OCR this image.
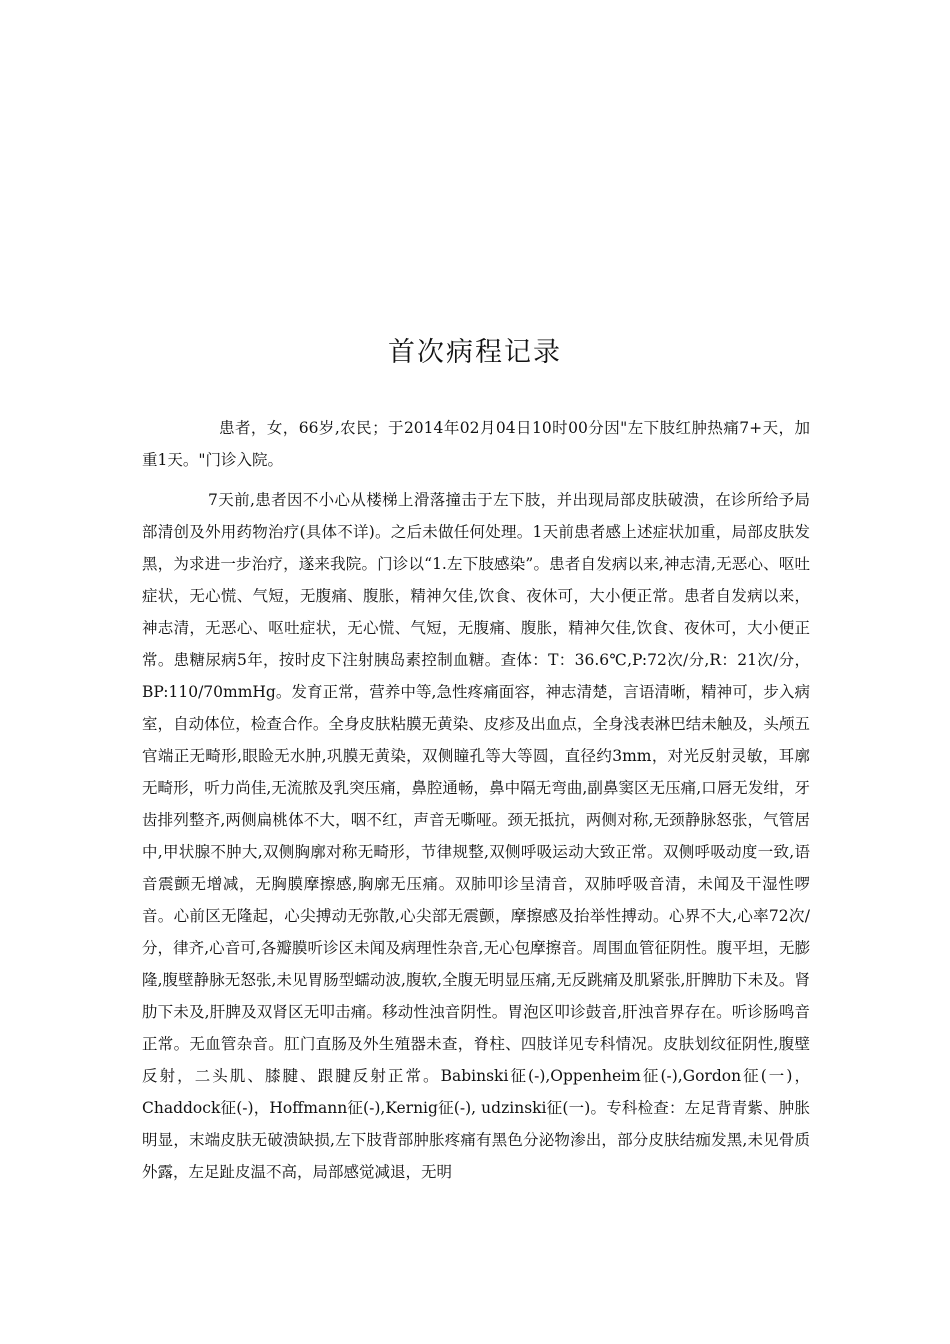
首次病程记录

患者，女，66岁,农民；于2014年02月04日10时00分因"左下肢红肿热痛7+天，加重1天。"门诊入院。

7天前,患者因不小心从楼梯上滑落撞击于左下肢，并出现局部皮肤破溃，在诊所给予局部清创及外用药物治疗(具体不详)。之后未做任何处理。1天前患者感上述症状加重，局部皮肤发黑，为求进一步治疗，遂来我院。门诊以“1.左下肢感染”。患者自发病以来,神志清,无恶心、呕吐症状，无心慌、气短，无腹痛、腹胀，精神欠佳,饮食、夜休可，大小便正常。患者自发病以来，神志清，无恶心、呕吐症状，无心慌、气短，无腹痛、腹胀，精神欠佳,饮食、夜休可，大小便正常。患糖尿病5年，按时皮下注射胰岛素控制血糖。查体：T：36.6℃,P:72次/分,R：21次/分，BP:110/70mmHg。发育正常，营养中等,急性疼痛面容，神志清楚，言语清晰，精神可，步入病室，自动体位，检查合作。全身皮肤粘膜无黄染、皮疹及出血点，全身浅表淋巴结未触及，头颅五官端正无畸形,眼睑无水肿,巩膜无黄染，双侧瞳孔等大等圆，直径约3mm，对光反射灵敏，耳廓无畸形，听力尚佳,无流脓及乳突压痛，鼻腔通畅，鼻中隔无弯曲,副鼻窦区无压痛,口唇无发绀，牙齿排列整齐,两侧扁桃体不大，咽不红，声音无嘶哑。颈无抵抗，两侧对称,无颈静脉怒张，气管居中,甲状腺不肿大,双侧胸廓对称无畸形，节律规整,双侧呼吸运动大致正常。双侧呼吸动度一致,语音震颤无增减，无胸膜摩擦感,胸廓无压痛。双肺叩诊呈清音，双肺呼吸音清，未闻及干湿性啰音。心前区无隆起，心尖搏动无弥散,心尖部无震颤，摩擦感及抬举性搏动。心界不大,心率72次/分，律齐,心音可,各瓣膜听诊区未闻及病理性杂音,无心包摩擦音。周围血管征阴性。腹平坦，无膨隆,腹壁静脉无怒张,未见胃肠型蠕动波,腹软,全腹无明显压痛,无反跳痛及肌紧张,肝脾肋下未及。肾肋下未及,肝脾及双肾区无叩击痛。移动性浊音阴性。胃泡区叩诊鼓音,肝浊音界存在。听诊肠鸣音正常。无血管杂音。肛门直肠及外生殖器未查，脊柱、四肢详见专科情况。皮肤划纹征阴性,腹壁反射，二头肌、膝腱、跟腱反射正常。Babinski征(-),Oppenheim征(-),Gordon征(一)，Chaddock征(-)，Hoffmann征(-),Kernig征(-), udzinski征(一)。专科检查：左足背青紫、肿胀明显，末端皮肤无破溃缺损,左下肢背部肿胀疼痛有黑色分泌物渗出，部分皮肤结痂发黑,未见骨质外露，左足趾皮温不高，局部感觉减退，无明
